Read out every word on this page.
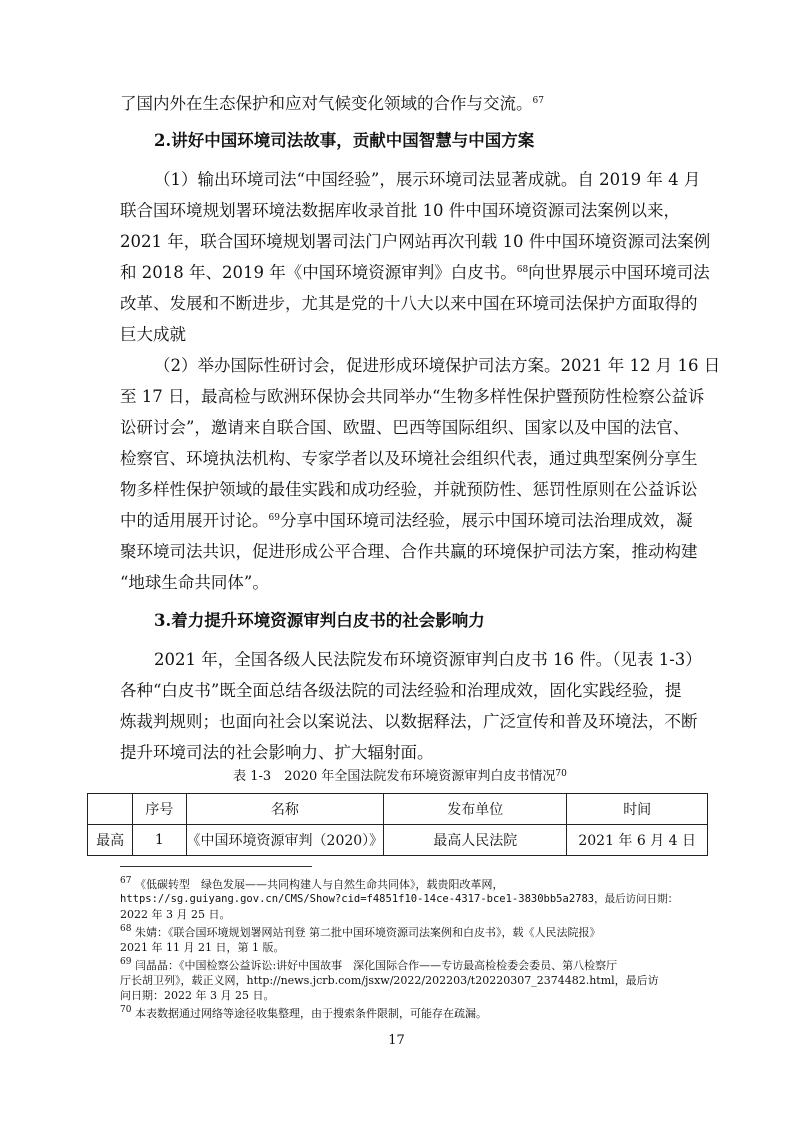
了国内外在生态保护和应对气候变化领域的合作与交流。$^{67}$
2.讲好中国环境司法故事，贡献中国智慧与中国方案
（1）输出环境司法“中国经验”，展示环境司法显著成就。自 2019 年 4 月
联合国环境规划署环境法数据库收录首批 10 件中国环境资源司法案例以来，
2021 年，联合国环境规划署司法门户网站再次刊载 10 件中国环境资源司法案例
和 2018 年、2019 年《中国环境资源审判》白皮书。$^{68}$向世界展示中国环境司法
改革、发展和不断进步，尤其是党的十八大以来中国在环境司法保护方面取得的
巨大成就
（2）举办国际性研讨会，促进形成环境保护司法方案。2021 年 12 月 16 日
至 17 日，最高检与欧洲环保协会共同举办“生物多样性保护暨预防性检察公益诉
讼研讨会”，邀请来自联合国、欧盟、巴西等国际组织、国家以及中国的法官、
检察官、环境执法机构、专家学者以及环境社会组织代表，通过典型案例分享生
物多样性保护领域的最佳实践和成功经验，并就预防性、惩罚性原则在公益诉讼
中的适用展开讨论。$^{69}$分享中国环境司法经验，展示中国环境司法治理成效，凝
聚环境司法共识，促进形成公平合理、合作共赢的环境保护司法方案，推动构建
“地球生命共同体”。
3.着力提升环境资源审判白皮书的社会影响力
2021 年，全国各级人民法院发布环境资源审判白皮书 16 件。（见表 1-3）
各种“白皮书”既全面总结各级法院的司法经验和治理成效，固化实践经验，提
炼裁判规则；也面向社会以案说法、以数据释法，广泛宣传和普及环境法，不断
提升环境司法的社会影响力、扩大辐射面。
表 1-3　2020 年全国法院发布环境资源审判白皮书情况$^{70}$
	序号	名称	发布单位	时间
最高	1	《中国环境资源审判（2020）》	最高人民法院	2021 年 6 月 4 日
$^{67}$ 《低碳转型　绿色发展——共同构建人与自然生命共同体》，载贵阳改革网，
https://sg.guiyang.gov.cn/CMS/Show?cid=f4851f10-14ce-4317-bce1-3830bb5a2783，最后访问日期：
2022 年 3 月 25 日。
$^{68}$ 朱婧：《联合国环境规划署网站刊登 第二批中国环境资源司法案例和白皮书》，载《人民法院报》
2021 年 11 月 21 日，第 1 版。
$^{69}$ 闫晶晶：《中国检察公益诉讼:讲好中国故事　深化国际合作——专访最高检检委会委员、第八检察厅
厅长胡卫列》，载正义网，http://news.jcrb.com/jsxw/2022/202203/t20220307_2374482.html，最后访
问日期：2022 年 3 月 25 日。
$^{70}$ 本表数据通过网络等途径收集整理，由于搜索条件限制，可能存在疏漏。
17
